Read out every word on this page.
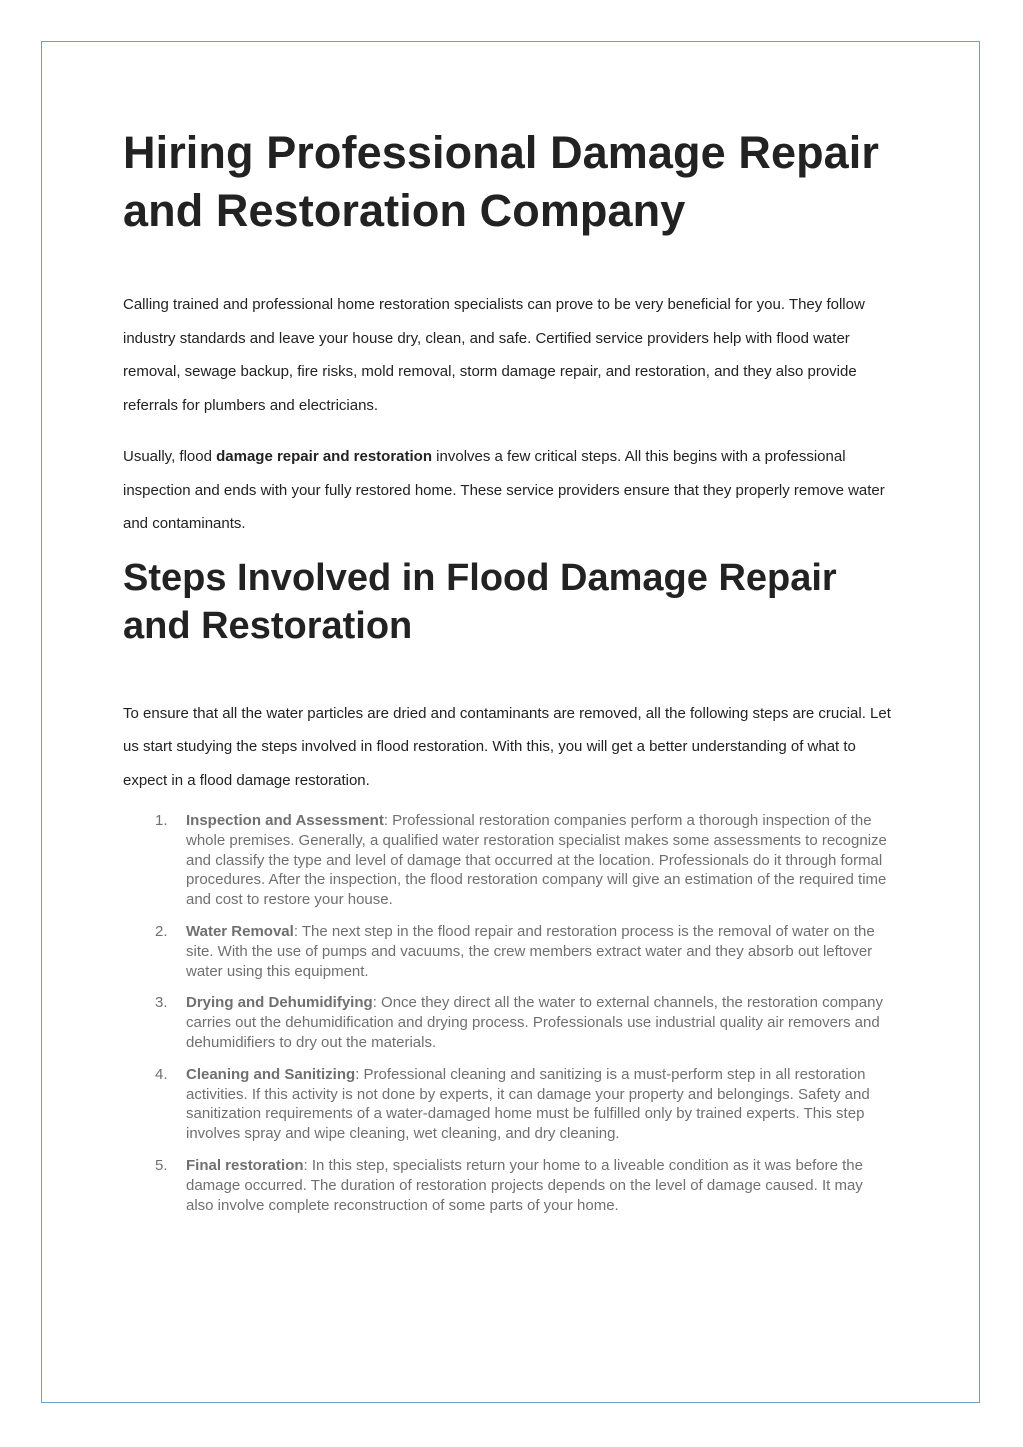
Hiring Professional Damage Repair and Restoration Company

Calling trained and professional home restoration specialists can prove to be very beneficial for you. They follow industry standards and leave your house dry, clean, and safe. Certified service providers help with flood water removal, sewage backup, fire risks, mold removal, storm damage repair, and restoration, and they also provide referrals for plumbers and electricians.

Usually, flood damage repair and restoration involves a few critical steps. All this begins with a professional inspection and ends with your fully restored home. These service providers ensure that they properly remove water and contaminants.

Steps Involved in Flood Damage Repair and Restoration

To ensure that all the water particles are dried and contaminants are removed, all the following steps are crucial. Let us start studying the steps involved in flood restoration. With this, you will get a better understanding of what to expect in a flood damage restoration.

1. Inspection and Assessment: Professional restoration companies perform a thorough inspection of the whole premises. Generally, a qualified water restoration specialist makes some assessments to recognize and classify the type and level of damage that occurred at the location. Professionals do it through formal procedures. After the inspection, the flood restoration company will give an estimation of the required time and cost to restore your house.
2. Water Removal: The next step in the flood repair and restoration process is the removal of water on the site. With the use of pumps and vacuums, the crew members extract water and they absorb out leftover water using this equipment.
3. Drying and Dehumidifying: Once they direct all the water to external channels, the restoration company carries out the dehumidification and drying process. Professionals use industrial quality air removers and dehumidifiers to dry out the materials.
4. Cleaning and Sanitizing: Professional cleaning and sanitizing is a must-perform step in all restoration activities. If this activity is not done by experts, it can damage your property and belongings. Safety and sanitization requirements of a water-damaged home must be fulfilled only by trained experts. This step involves spray and wipe cleaning, wet cleaning, and dry cleaning.
5. Final restoration: In this step, specialists return your home to a liveable condition as it was before the damage occurred. The duration of restoration projects depends on the level of damage caused. It may also involve complete reconstruction of some parts of your home.
